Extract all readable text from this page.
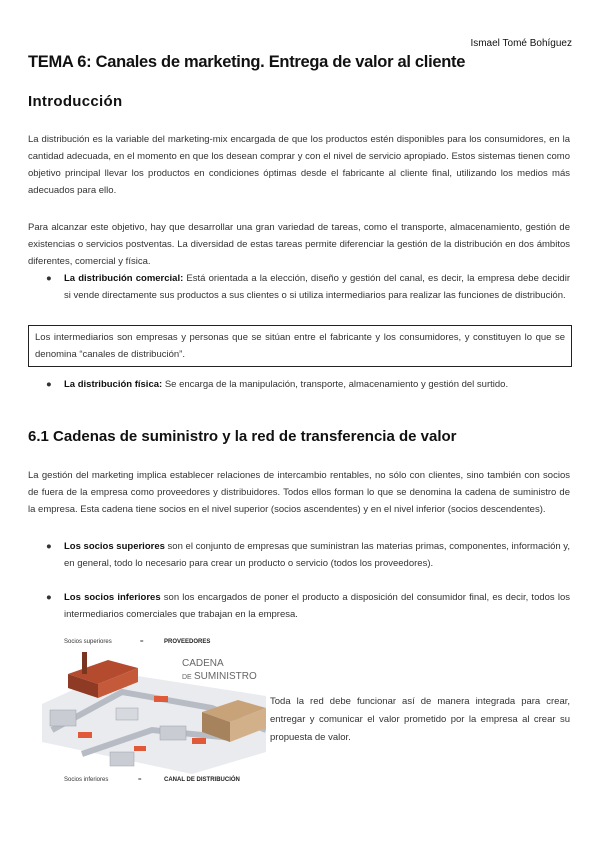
Ismael Tomé Bohíguez
TEMA 6: Canales de marketing. Entrega de valor al cliente
Introducción

La distribución es la variable del marketing-mix encargada de que los productos estén disponibles para los consumidores, en la cantidad adecuada, en el momento en que los desean comprar y con el nivel de servicio apropiado. Estos sistemas tienen como objetivo principal llevar los productos en condiciones óptimas desde el fabricante al cliente final, utilizando los medios más adecuados para ello.

Para alcanzar este objetivo, hay que desarrollar una gran variedad de tareas, como el transporte, almacenamiento, gestión de existencias o servicios postventas. La diversidad de estas tareas permite diferenciar la gestión de la distribución en dos ámbitos diferentes, comercial y física.

● La distribución comercial: Está orientada a la elección, diseño y gestión del canal, es decir, la empresa debe decidir si vende directamente sus productos a sus clientes o si utiliza intermediarios para realizar las funciones de distribución.
Los intermediarios son empresas y personas que se sitúan entre el fabricante y los consumidores, y constituyen lo que se denomina “canales de distribución”.
● La distribución física: Se encarga de la manipulación, transporte, almacenamiento y gestión del surtido.
6.1 Cadenas de suministro y la red de transferencia de valor

La gestión del marketing implica establecer relaciones de intercambio rentables, no sólo con clientes, sino también con socios de fuera de la empresa como proveedores y distribuidores. Todos ellos forman lo que se denomina la cadena de suministro de la empresa. Esta cadena tiene socios en el nivel superior (socios ascendentes) y en el nivel inferior (socios descendentes).

● Los socios superiores son el conjunto de empresas que suministran las materias primas, componentes, información y, en general, todo lo necesario para crear un producto o servicio (todos los proveedores).
● Los socios inferiores son los encargados de poner el producto a disposición del consumidor final, es decir, todos los intermediarios comerciales que trabajan en la empresa.
Socios superiores	=	PROVEEDORES
CADENA
DE SUMINISTRO
Socios inferiores	=	CANAL DE DISTRIBUCIÓN

Toda la red debe funcionar así de manera integrada para crear, entregar y comunicar el valor prometido por la empresa al crear su propuesta de valor.
